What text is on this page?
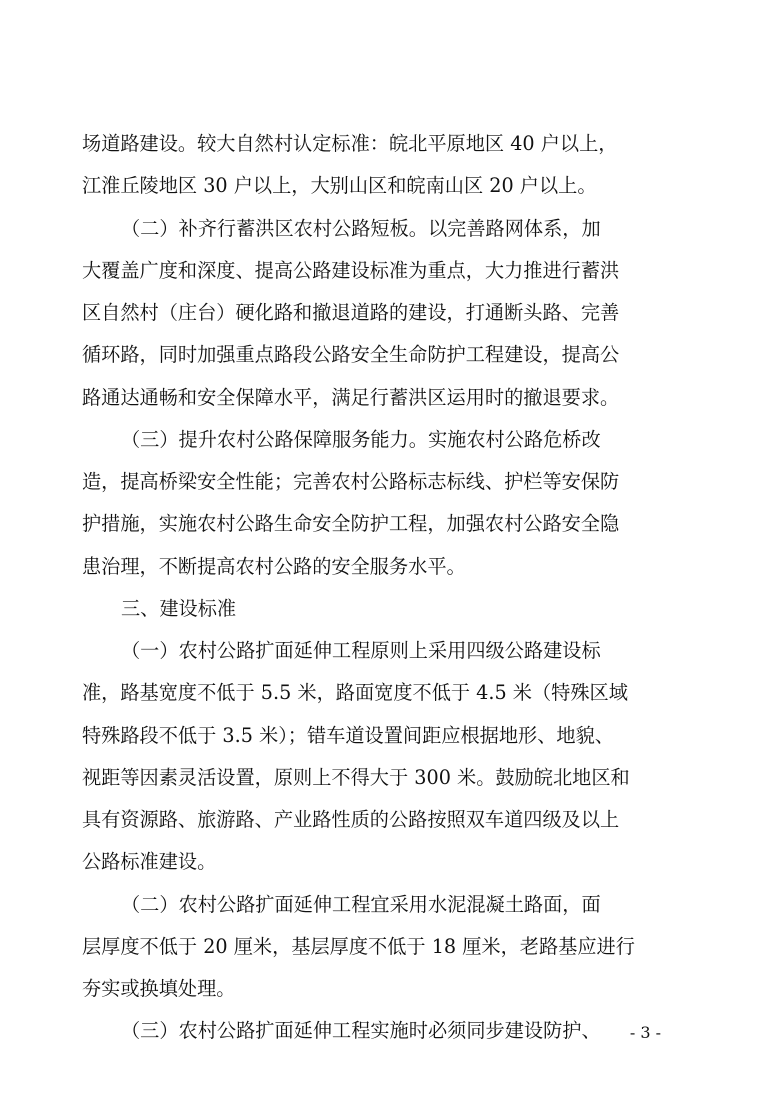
场道路建设。较大自然村认定标准：皖北平原地区 40 户以上，
江淮丘陵地区 30 户以上，大别山区和皖南山区 20 户以上。
（二）补齐行蓄洪区农村公路短板。以完善路网体系，加
大覆盖广度和深度、提高公路建设标准为重点，大力推进行蓄洪
区自然村（庄台）硬化路和撤退道路的建设，打通断头路、完善
循环路，同时加强重点路段公路安全生命防护工程建设，提高公
路通达通畅和安全保障水平，满足行蓄洪区运用时的撤退要求。
（三）提升农村公路保障服务能力。实施农村公路危桥改
造，提高桥梁安全性能；完善农村公路标志标线、护栏等安保防
护措施，实施农村公路生命安全防护工程，加强农村公路安全隐
患治理，不断提高农村公路的安全服务水平。
三、建设标准
（一）农村公路扩面延伸工程原则上采用四级公路建设标
准，路基宽度不低于 5.5 米，路面宽度不低于 4.5 米（特殊区域
特殊路段不低于 3.5 米）；错车道设置间距应根据地形、地貌、
视距等因素灵活设置，原则上不得大于 300 米。鼓励皖北地区和
具有资源路、旅游路、产业路性质的公路按照双车道四级及以上
公路标准建设。
（二）农村公路扩面延伸工程宜采用水泥混凝土路面，面
层厚度不低于 20 厘米，基层厚度不低于 18 厘米，老路基应进行
夯实或换填处理。
（三）农村公路扩面延伸工程实施时必须同步建设防护、	- 3 -
